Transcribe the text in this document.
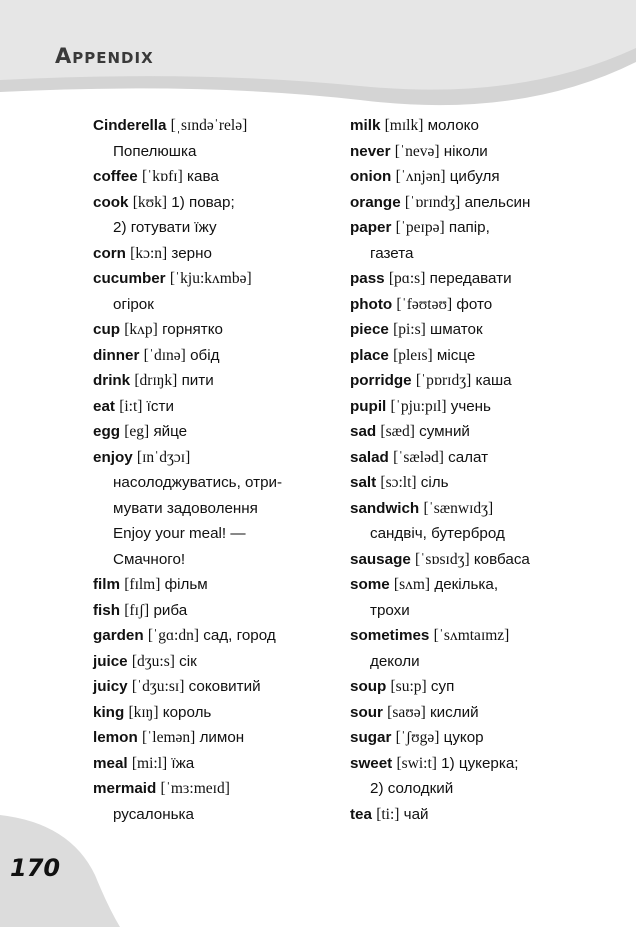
Appendix
170
Cinderella [ˌsɪndəˈrelə]
Попелюшка
coffee [ˈkɒfɪ] кава
cook [kʊk] 1) повар;
2) готувати їжу
corn [kɔ:n] зерно
cucumber [ˈkju:kʌmbə]
огірок
cup [kʌp] горнятко
dinner [ˈdɪnə] обід
drink [drɪŋk] пити
eat [i:t] їсти
egg [eg] яйце
enjoy [ɪnˈdʒɔɪ]
насолоджуватись, отри-
мувати задоволення
Enjoy your meal! —
Смачного!
film [fɪlm] фільм
fish [fɪʃ] риба
garden [ˈgɑ:dn] сад, город
juice [dʒu:s] сік
juicy [ˈdʒu:sɪ] соковитий
king [kɪŋ] король
lemon [ˈlemən] лимон
meal [mi:l] їжа
mermaid [ˈmɜ:meɪd]
русалонька
milk [mɪlk] молоко
never [ˈnevə] ніколи
onion [ˈʌnjən] цибуля
orange [ˈɒrɪndʒ] апельсин
paper [ˈpeɪpə] папір,
газета
pass [pɑ:s] передавати
photo [ˈfəʊtəʊ] фото
piece [pi:s] шматок
place [pleɪs] місце
porridge [ˈpɒrɪdʒ] каша
pupil [ˈpju:pɪl] учень
sad [sæd] сумний
salad [ˈsæləd] салат
salt [sɔ:lt] сіль
sandwich [ˈsænwɪdʒ]
сандвіч, бутерброд
sausage [ˈsɒsɪdʒ] ковбаса
some [sʌm] декілька,
трохи
sometimes [ˈsʌmtaɪmz]
деколи
soup [su:p] суп
sour [saʊə] кислий
sugar [ˈʃʊgə] цукор
sweet [swi:t] 1) цукерка;
2) солодкий
tea [ti:] чай
